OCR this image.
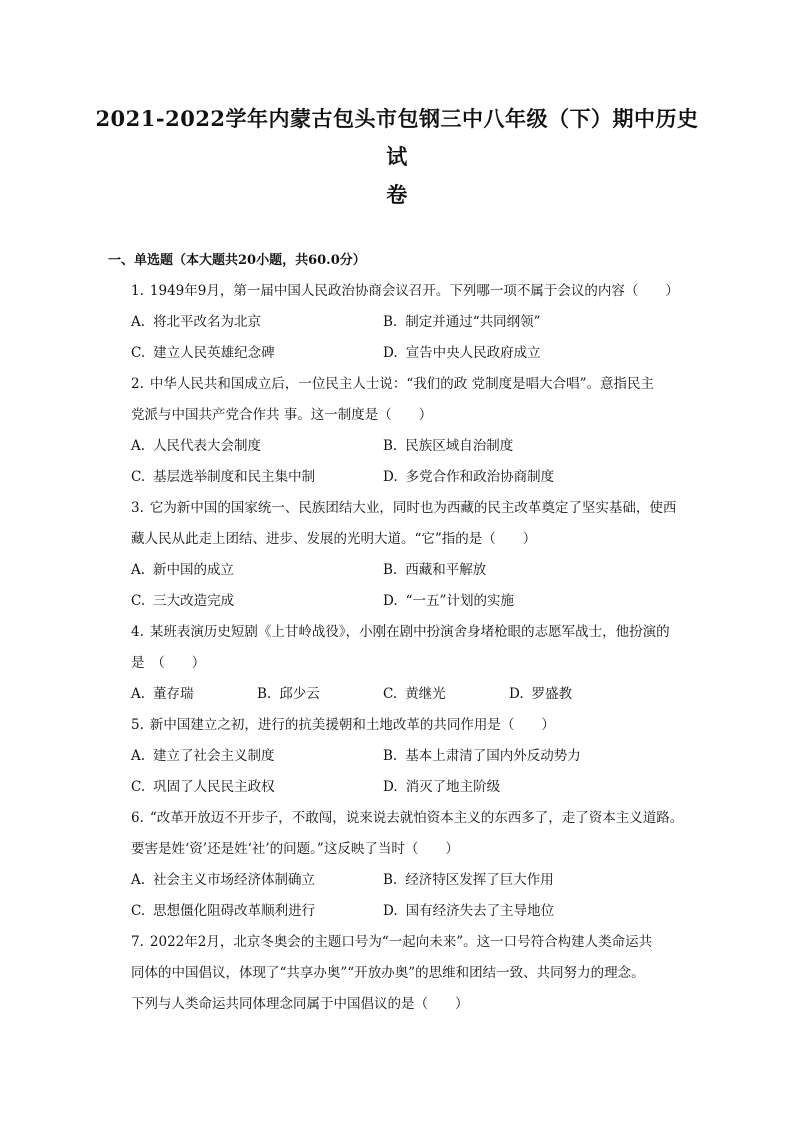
2021-2022学年内蒙古包头市包钢三中八年级（下）期中历史试
卷
一、单选题（本大题共20小题，共60.0分）
1. 1949年9月，第一届中国人民政治协商会议召开。下列哪一项不属于会议的内容（　　）
A. 将北平改名为北京	B. 制定并通过“共同纲领”
C. 建立人民英雄纪念碑	D. 宣告中央人民政府成立
2. 中华人民共和国成立后，一位民主人士说：“我们的政 党制度是唱大合唱”。意指民主
党派与中国共产党合作共 事。这一制度是（　　）
A. 人民代表大会制度	B. 民族区域自治制度
C. 基层选举制度和民主集中制	D. 多党合作和政治协商制度
3. 它为新中国的国家统一、民族团结大业，同时也为西藏的民主改革奠定了坚实基础，使西
藏人民从此走上团结、进步、发展的光明大道。“它”指的是（　　）
A. 新中国的成立	B. 西藏和平解放
C. 三大改造完成	D. “一五”计划的实施
4. 某班表演历史短剧《上甘岭战役》，小刚在剧中扮演舍身堵枪眼的志愿军战士，他扮演的
是　（　　）
A. 董存瑞	B. 邱少云	C. 黄继光	D. 罗盛教
5. 新中国建立之初，进行的抗美援朝和土地改革的共同作用是（　　）
A. 建立了社会主义制度	B. 基本上肃清了国内外反动势力
C. 巩固了人民民主政权	D. 消灭了地主阶级
6. “改革开放迈不开步子，不敢闯，说来说去就怕资本主义的东西多了，走了资本主义道路。
要害是姓‘资’还是姓‘社’的问题。”这反映了当时（　　）
A. 社会主义市场经济体制确立	B. 经济特区发挥了巨大作用
C. 思想僵化阻碍改革顺利进行	D. 国有经济失去了主导地位
7. 2022年2月，北京冬奥会的主题口号为“一起向未来”。这一口号符合构建人类命运共
同体的中国倡议，体现了“共享办奥”“开放办奥”的思维和团结一致、共同努力的理念。
下列与人类命运共同体理念同属于中国倡议的是（　　）
